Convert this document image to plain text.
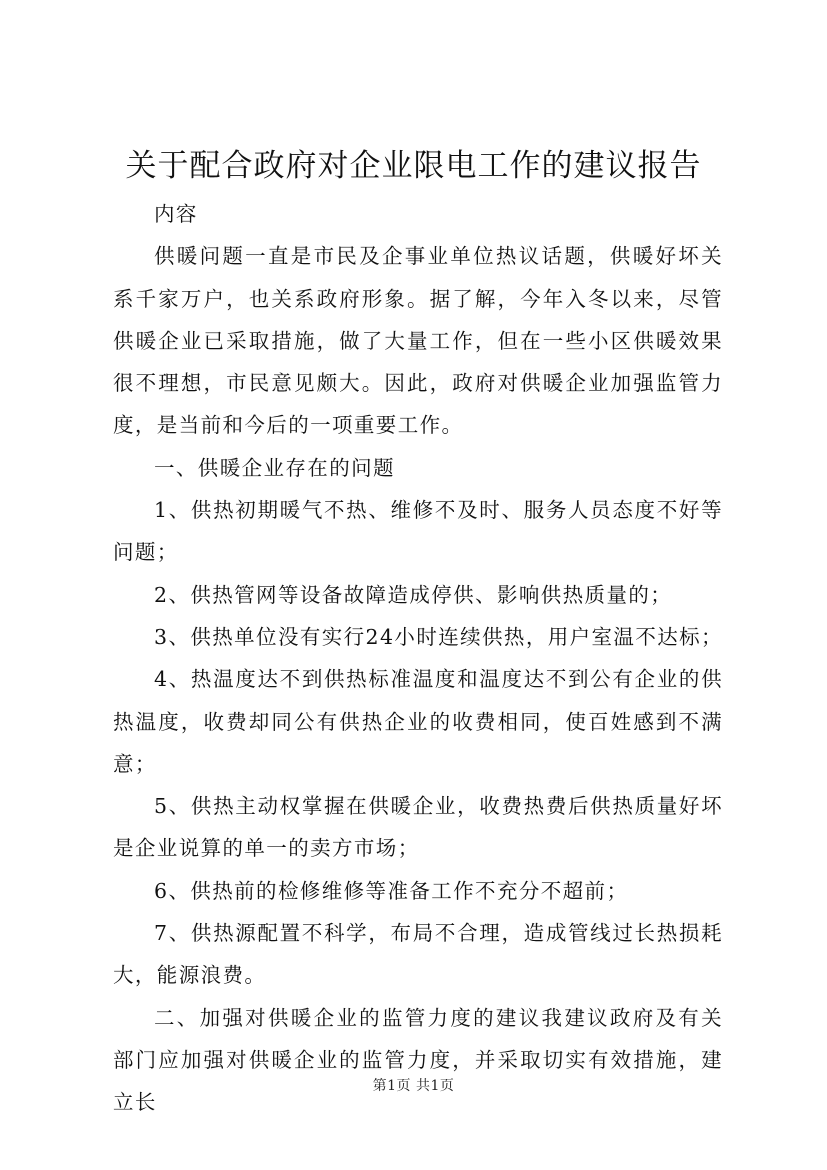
关于配合政府对企业限电工作的建议报告

内容

供暖问题一直是市民及企事业单位热议话题，供暖好坏关系千家万户，也关系政府形象。据了解，今年入冬以来，尽管供暖企业已采取措施，做了大量工作，但在一些小区供暖效果很不理想，市民意见颇大。因此，政府对供暖企业加强监管力度，是当前和今后的一项重要工作。

一、供暖企业存在的问题

1、供热初期暖气不热、维修不及时、服务人员态度不好等问题；

2、供热管网等设备故障造成停供、影响供热质量的；

3、供热单位没有实行24小时连续供热，用户室温不达标；

4、热温度达不到供热标准温度和温度达不到公有企业的供热温度，收费却同公有供热企业的收费相同，使百姓感到不满意；

5、供热主动权掌握在供暖企业，收费热费后供热质量好坏是企业说算的单一的卖方市场；

6、供热前的检修维修等准备工作不充分不超前；

7、供热源配置不科学，布局不合理，造成管线过长热损耗大，能源浪费。

二、加强对供暖企业的监管力度的建议我建议政府及有关部门应加强对供暖企业的监管力度，并采取切实有效措施，建立长

第1页 共1页
